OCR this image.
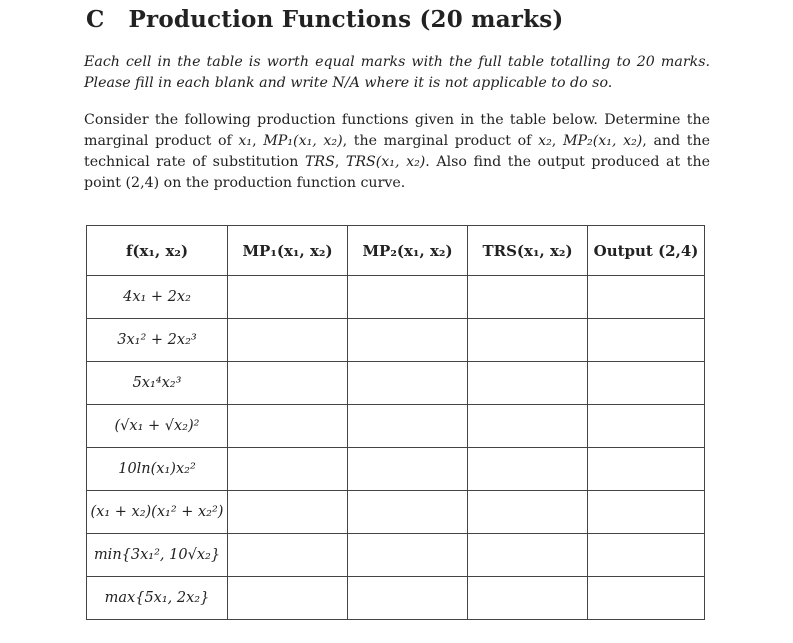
C Production Functions (20 marks)
Each cell in the table is worth equal marks with the full table totalling to 20 marks. Please fill in each blank and write N/A where it is not applicable to do so.
Consider the following production functions given in the table below. Determine the marginal product of x₁, MP₁(x₁, x₂), the marginal product of x₂, MP₂(x₁, x₂), and the technical rate of substitution TRS, TRS(x₁, x₂). Also find the output produced at the point (2,4) on the production function curve.
f(x₁, x₂)	MP₁(x₁, x₂)	MP₂(x₁, x₂)	TRS(x₁, x₂)	Output (2,4)
4x₁ + 2x₂				
3x₁² + 2x₂³				
5x₁⁴x₂³				
(√x₁ + √x₂)²				
10ln(x₁)x₂²				
(x₁ + x₂)(x₁² + x₂²)				
min{3x₁², 10√x₂}				
max{5x₁, 2x₂}				
